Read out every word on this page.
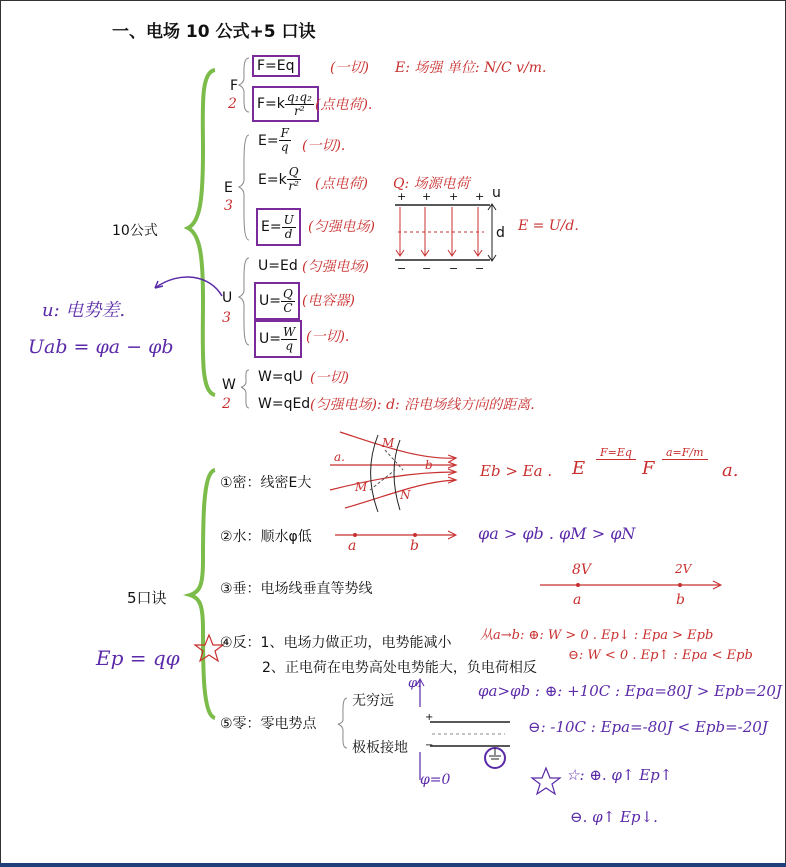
一、电场 10 公式+5 口诀
10公式
F
2
F=Eq	(一切) E: 场强 单位: N/C v/m.
$F=k \frac{\text{q₁q₂}}{\text{r²}}$ (点电荷).
E
3
$E= \frac{F}{q}$ (一切).
$E=k \frac{Q}{\text{r²}}$ (点电荷) Q: 场源电荷
$E= \frac{U}{d}$ (匀强电场)	E = U/d.
+ + + +
− − − −
u
d
U
3
U=Ed (匀强电场)
$U= \frac{Q}{C}$ (电容器)
$U= \frac{W}{q}$ (一切).
u: 电势差.
Uab = φa − φb
W
2
W=qU (一切)
W=qEd (匀强电场): d: 沿电场线方向的距离.
5口诀
Ep = qφ
①密：线密E大
a.
b
M
M
N
Eb > Ea . E
F=Eq
F
a=F/m
a.
②水：顺水φ低
a	b
φa > φb . φM > φN
③垂：电场线垂直等势线
8V	2V
a	b
④反：1、电场力做正功，电势能减小
2、正电荷在电势高处电势能大，负电荷相反
从a→b: ⊕: W > 0 . Ep↓ : Epa > Epb
⊖: W < 0 . Ep↑ : Epa < Epb
⑤零：零电势点
无穷远
极板接地
φ₁
φ=0
+
−
φa>φb : ⊕: +10C : Epa=80J > Epb=20J
⊖: -10C : Epa=-80J < Epb=-20J
☆: ⊕. φ↑ Ep↑
⊖. φ↑ Ep↓.
